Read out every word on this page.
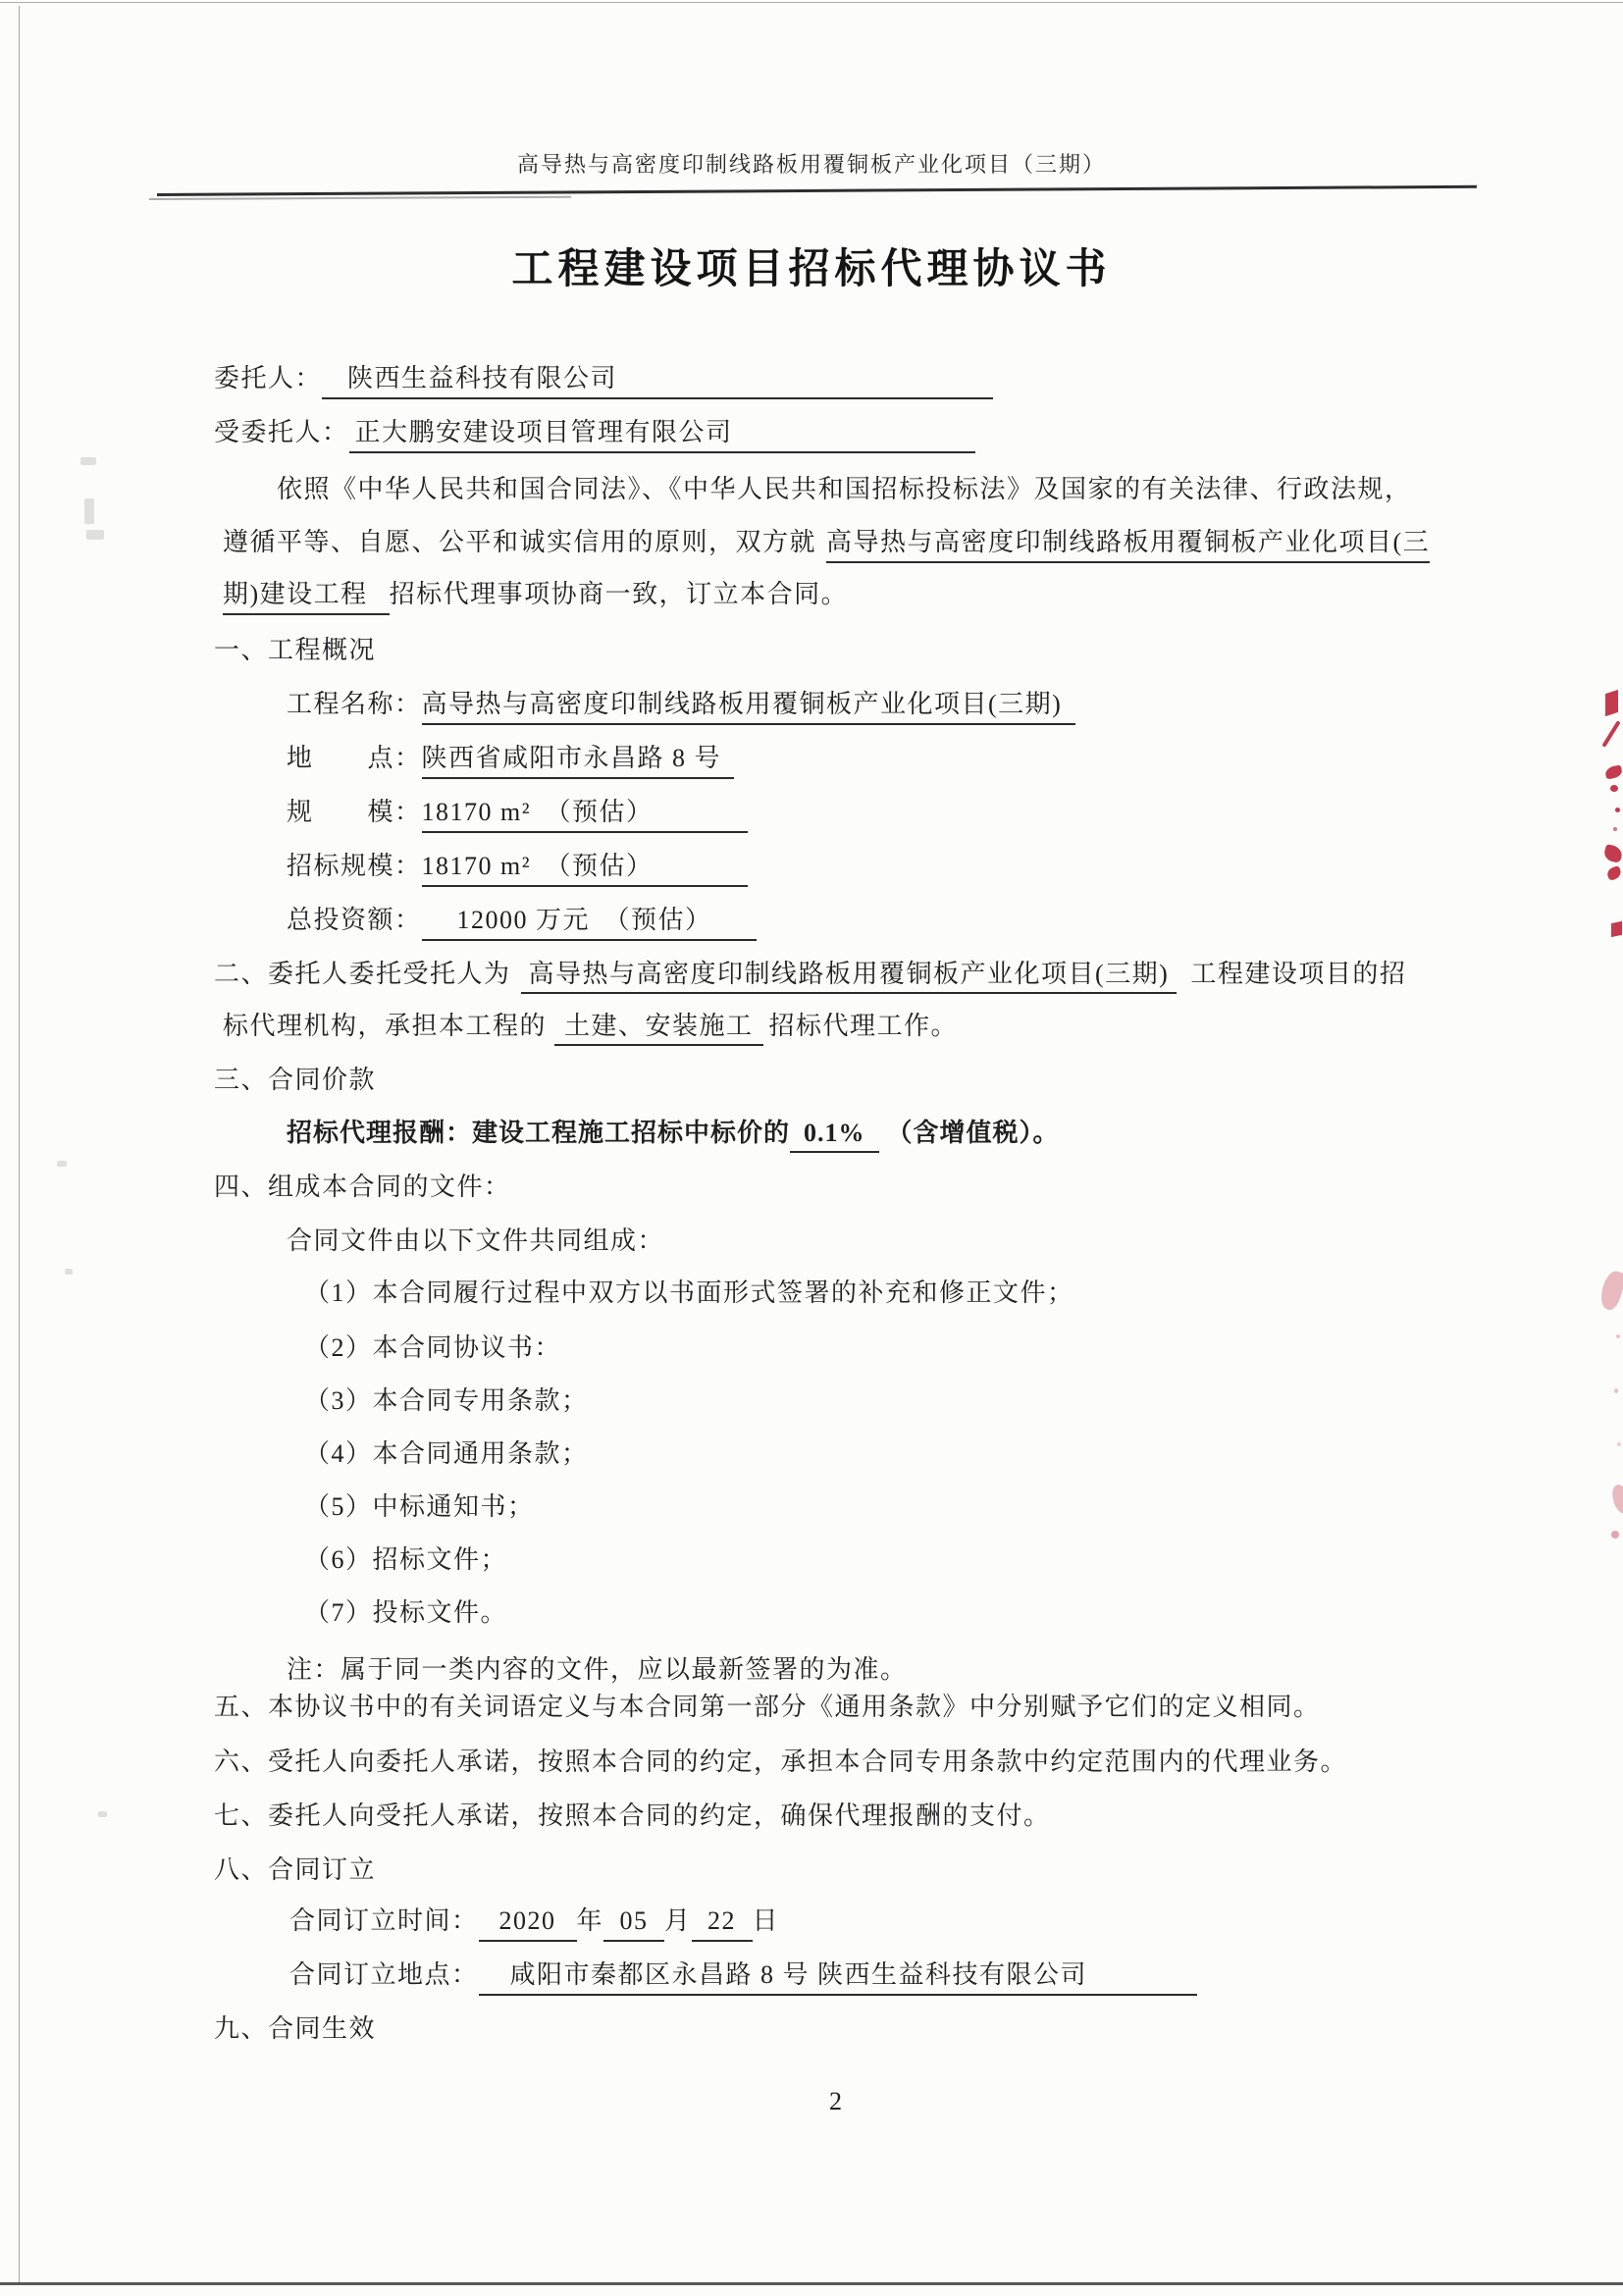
高导热与高密度印制线路板用覆铜板产业化项目（三期）
工程建设项目招标代理协议书
委托人： 陕西生益科技有限公司
受委托人： 正大鹏安建设项目管理有限公司
依照《中华人民共和国合同法》、《中华人民共和国招标投标法》及国家的有关法律、行政法规，
遵循平等、自愿、公平和诚实信用的原则，双方就 高导热与高密度印制线路板用覆铜板产业化项目(三
期)建设工程 招标代理事项协商一致，订立本合同。
一、工程概况
工程名称：高导热与高密度印制线路板用覆铜板产业化项目(三期)
地　　点：陕西省咸阳市永昌路 8 号
规　　模：18170 m²　（预估）
招标规模：18170 m²　（预估）
总投资额： 12000 万元　（预估）
二、委托人委托受托人为 高导热与高密度印制线路板用覆铜板产业化项目(三期) 工程建设项目的招
标代理机构，承担本工程的 土建、安装施工 招标代理工作。
三、合同价款
招标代理报酬：建设工程施工招标中标价的 0.1% （含增值税）。
四、组成本合同的文件：
合同文件由以下文件共同组成：
（1）本合同履行过程中双方以书面形式签署的补充和修正文件；
（2）本合同协议书：
（3）本合同专用条款；
（4）本合同通用条款；
（5）中标通知书；
（6）招标文件；
（7）投标文件。
注：属于同一类内容的文件，应以最新签署的为准。
五、本协议书中的有关词语定义与本合同第一部分《通用条款》中分别赋予它们的定义相同。
六、受托人向委托人承诺，按照本合同的约定，承担本合同专用条款中约定范围内的代理业务。
七、委托人向受托人承诺，按照本合同的约定，确保代理报酬的支付。
八、合同订立
合同订立时间： 2020 年 05 月 22 日
合同订立地点： 咸阳市秦都区永昌路 8 号 陕西生益科技有限公司
九、合同生效
2
